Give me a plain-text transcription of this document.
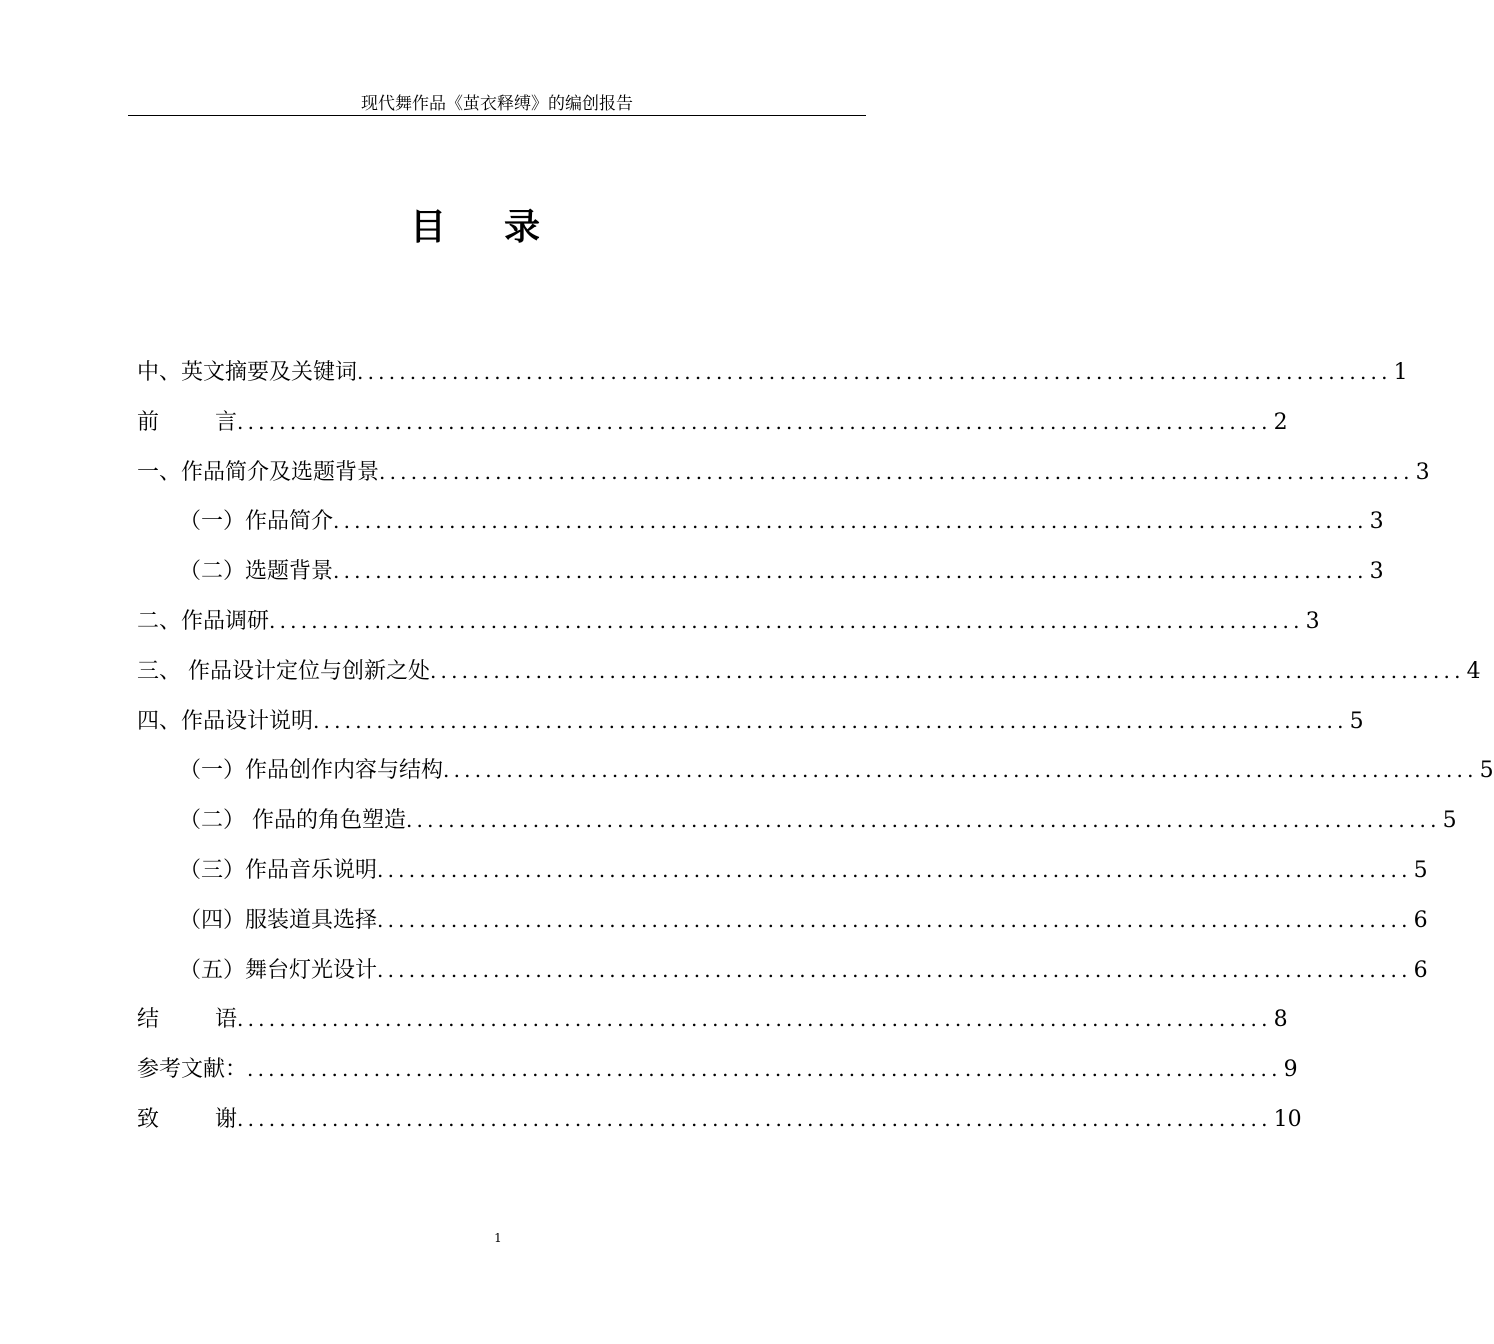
现代舞作品《茧衣释缚》的编创报告
目 录
中、英文摘要及关键词 .................................................................................................. 1
前	言 .................................................................................................. 2
一、作品简介及选题背景 .................................................................................................. 3
（一）作品简介 .................................................................................................. 3
（二）选题背景 .................................................................................................. 3
二、作品调研 .................................................................................................. 3
三、 作品设计定位与创新之处 .................................................................................................. 4
四、作品设计说明 .................................................................................................. 5
（一）作品创作内容与结构 .................................................................................................. 5
（二） 作品的角色塑造 .................................................................................................. 5
（三）作品音乐说明 .................................................................................................. 5
（四）服装道具选择 .................................................................................................. 6
（五）舞台灯光设计 .................................................................................................. 6
结	语 .................................................................................................. 8
参考文献： .................................................................................................. 9
致	谢 .................................................................................................. 10
1
